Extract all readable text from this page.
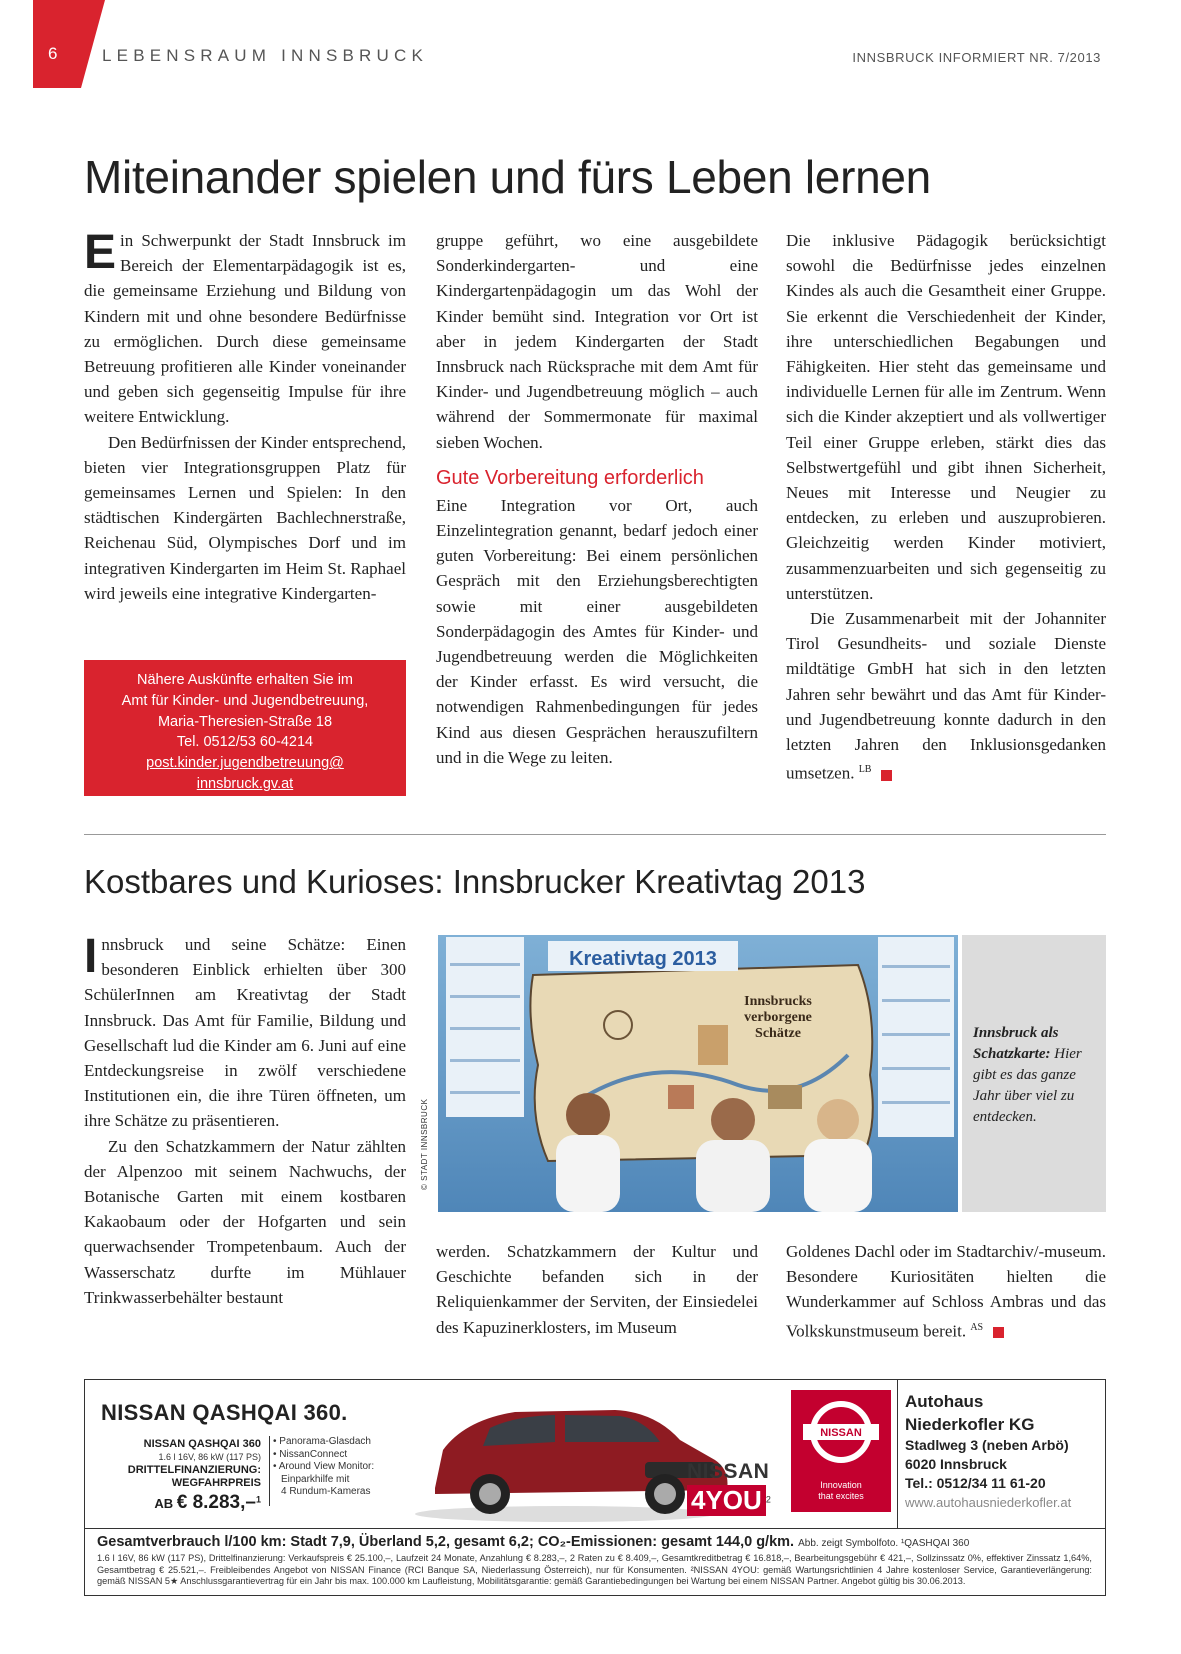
6	LEBENSRAUM INNSBRUCK	INNSBRUCK INFORMIERT NR. 7/2013
Miteinander spielen und fürs Leben lernen

Ein Schwerpunkt der Stadt Innsbruck im Bereich der Elementarpädagogik ist es, die gemeinsame Erziehung und Bildung von Kindern mit und ohne besondere Bedürfnisse zu ermöglichen. Durch diese gemeinsame Betreuung profitieren alle Kinder voneinander und geben sich gegenseitig Impulse für ihre weitere Entwicklung.

Den Bedürfnissen der Kinder entsprechend, bieten vier Integrationsgruppen Platz für gemeinsames Lernen und Spielen: In den städtischen Kindergärten Bachlechnerstraße, Reichenau Süd, Olympisches Dorf und im integrativen Kindergarten im Heim St. Raphael wird jeweils eine integrative Kindergarten-

Nähere Auskünfte erhalten Sie im
Amt für Kinder- und Jugendbetreuung,
Maria-Theresien-Straße 18
Tel. 0512/53 60-4214
post.kinder.jugendbetreuung@
innsbruck.gv.at

gruppe geführt, wo eine ausgebildete Sonderkindergarten- und eine Kindergartenpädagogin um das Wohl der Kinder bemüht sind. Integration vor Ort ist aber in jedem Kindergarten der Stadt Innsbruck nach Rücksprache mit dem Amt für Kinder- und Jugendbetreuung möglich – auch während der Sommermonate für maximal sieben Wochen.

Gute Vorbereitung erforderlich

Eine Integration vor Ort, auch Einzelintegration genannt, bedarf jedoch einer guten Vorbereitung: Bei einem persönlichen Gespräch mit den Erziehungsberechtigten sowie mit einer ausgebildeten Sonderpädagogin des Amtes für Kinder- und Jugendbetreuung werden die Möglichkeiten der Kinder erfasst. Es wird versucht, die notwendigen Rahmenbedingungen für jedes Kind aus diesen Gesprächen herauszufiltern und in die Wege zu leiten.

Die inklusive Pädagogik berücksichtigt sowohl die Bedürfnisse jedes einzelnen Kindes als auch die Gesamtheit einer Gruppe. Sie erkennt die Verschiedenheit der Kinder, ihre unterschiedlichen Begabungen und Fähigkeiten. Hier steht das gemeinsame und individuelle Lernen für alle im Zentrum. Wenn sich die Kinder akzeptiert und als vollwertiger Teil einer Gruppe erleben, stärkt dies das Selbstwertgefühl und gibt ihnen Sicherheit, Neues mit Interesse und Neugier zu entdecken, zu erleben und auszuprobieren. Gleichzeitig werden Kinder motiviert, zusammenzuarbeiten und sich gegenseitig zu unterstützen.

Die Zusammenarbeit mit der Johanniter Tirol Gesundheits- und soziale Dienste mildtätige GmbH hat sich in den letzten Jahren sehr bewährt und das Amt für Kinder- und Jugendbetreuung konnte dadurch in den letzten Jahren den Inklusionsgedanken umsetzen. $^{LB}$

Kostbares und Kurioses: Innsbrucker Kreativtag 2013

Innsbruck und seine Schätze: Einen besonderen Einblick erhielten über 300 SchülerInnen am Kreativtag der Stadt Innsbruck. Das Amt für Familie, Bildung und Gesellschaft lud die Kinder am 6. Juni auf eine Entdeckungsreise in zwölf verschiedene Institutionen ein, die ihre Türen öffneten, um ihre Schätze zu präsentieren.

Zu den Schatzkammern der Natur zählten der Alpenzoo mit seinem Nachwuchs, der Botanische Garten mit einem kostbaren Kakaobaum oder der Hofgarten und sein querwachsender Trompetenbaum. Auch der Wasserschatz durfte im Mühlauer Trinkwasserbehälter bestaunt

Kreativtag 2013
Innsbrucks
verborgene
Schätze
© STADT INNSBRUCK
Innsbruck als Schatzkarte: Hier gibt es das ganze Jahr über viel zu entdecken.

werden. Schatzkammern der Kultur und Geschichte befanden sich in der Reliquienkammer der Serviten, der Einsiedelei des Kapuzinerklosters, im Museum

Goldenes Dachl oder im Stadtarchiv/-museum. Besondere Kuriositäten hielten die Wunderkammer auf Schloss Ambras und das Volkskunstmuseum bereit. $^{AS}$

NISSAN QASHQAI 360.
NISSAN QASHQAI 360
1.6 l 16V, 86 kW (117 PS)
DRITTELFINANZIERUNG:
WEGFAHRPREIS
AB € 8.283,–$^1$
• Panorama-Glasdach
• NissanConnect
• Around View Monitor:
Einparkhilfe mit
4 Rundum-Kameras
NISSAN
4YOU $^2$
NISSAN
Innovation
that excites
Autohaus
Niederkofler KG
Stadlweg 3 (neben Arbö)
6020 Innsbruck
Tel.: 0512/34 11 61-20
www.autohausniederkofler.at
Gesamtverbrauch l/100 km: Stadt 7,9, Überland 5,2, gesamt 6,2; CO₂-Emissionen: gesamt 144,0 g/km. Abb. zeigt Symbolfoto. ¹QASHQAI 360
1.6 l 16V, 86 kW (117 PS), Drittelfinanzierung: Verkaufspreis € 25.100,–, Laufzeit 24 Monate, Anzahlung € 8.283,–, 2 Raten zu € 8.409,–, Gesamtkreditbetrag € 16.818,–, Bearbeitungsgebühr € 421,–, Sollzinssatz 0%, effektiver Zinssatz 1,64%, Gesamtbetrag € 25.521,–. Freibleibendes Angebot von NISSAN Finance (RCI Banque SA, Niederlassung Österreich), nur für Konsumenten. ²NISSAN 4YOU: gemäß Wartungsrichtlinien 4 Jahre kostenloser Service, Garantieverlängerung: gemäß NISSAN 5★ Anschlussgarantievertrag für ein Jahr bis max. 100.000 km Laufleistung, Mobilitätsgarantie: gemäß Garantiebedingungen bei Wartung bei einem NISSAN Partner. Angebot gültig bis 30.06.2013.
